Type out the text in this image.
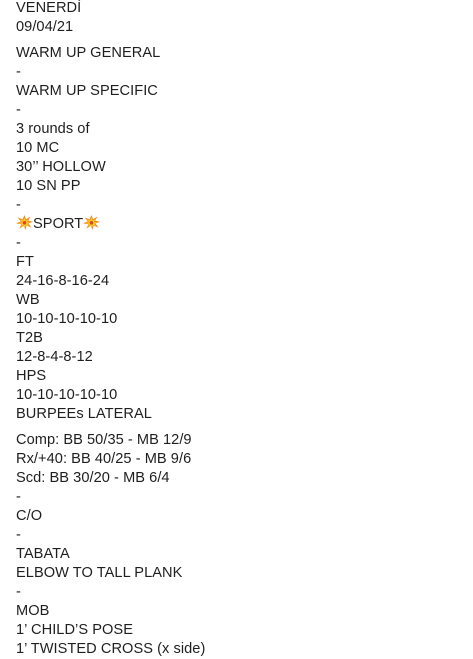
VENERDÌ
09/04/21
WARM UP GENERAL
-
WARM UP SPECIFIC
-
3 rounds of
10 MC
30’’ HOLLOW
10 SN PP
-
SPORT
-
FT
24-16-8-16-24
WB
10-10-10-10-10
T2B
12-8-4-8-12
HPS
10-10-10-10-10
BURPEEs LATERAL
Comp: BB 50/35 - MB 12/9
Rx/+40: BB 40/25 - MB 9/6
Scd: BB 30/20 - MB 6/4
-
C/O
-
TABATA
ELBOW TO TALL PLANK
-
MOB
1’ CHILD’S POSE
1’ TWISTED CROSS (x side)
